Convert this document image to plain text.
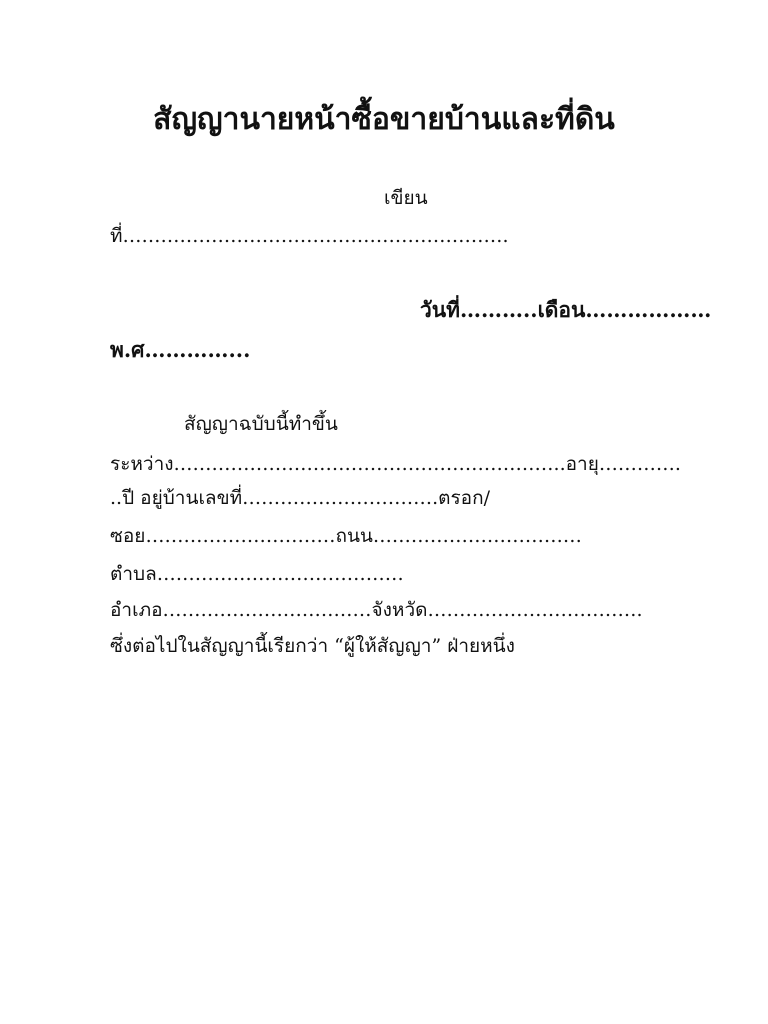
สัญญานายหน้าซื้อขายบ้านและที่ดิน
เขียน
ที่…………………………………………………….
วันที่………..เดือน………………
พ.ศ…………...
สัญญาฉบับนี้ทำขึ้น
ระหว่าง……………………………………………………..อายุ………….
..ปี อยู่บ้านเลขที่………………………….ตรอก/
ซอย…………………………ถนน……………………………
ตำบล…………………………………
อำเภอ……………………………จังหวัด…………………………….
ซึ่งต่อไปในสัญญานี้เรียกว่า “ผู้ให้สัญญา” ฝ่ายหนึ่ง
